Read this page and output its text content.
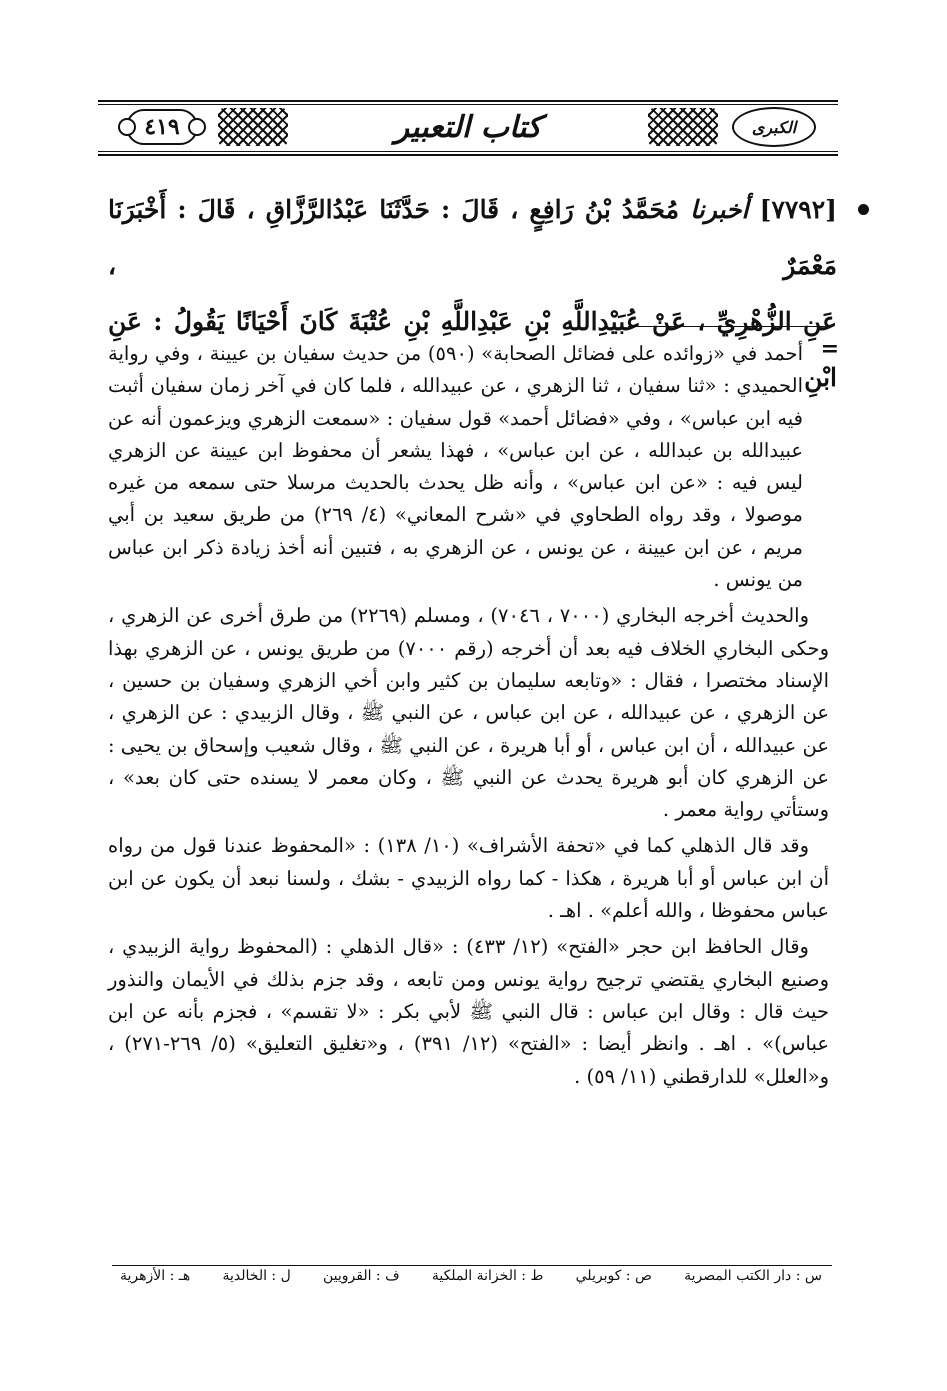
٤١٩	كتاب التعبير	الكبرى

[٧٧٩٢] أخبرنا مُحَمَّدُ بْنُ رَافِعٍ ، قَالَ : حَدَّثَنَا عَبْدُالرَّزَّاقِ ، قَالَ : أَخْبَرَنَا مَعْمَرٌ ،

عَنِ الزُّهْرِيِّ ، عَنْ عُبَيْدِاللَّهِ بْنِ عَبْدِاللَّهِ بْنِ عُتْبَةَ كَانَ أَحْيَانًا يَقُولُ : عَنِ ابْنِ

=

أحمد في «زوائده على فضائل الصحابة» (٥٩٠) من حديث سفيان بن عيينة ، وفي رواية الحميدي : «ثنا سفيان ، ثنا الزهري ، عن عبيدالله ، فلما كان في آخر زمان سفيان أثبت فيه ابن عباس» ، وفي «فضائل أحمد» قول سفيان : «سمعت الزهري ويزعمون أنه عن عبيدالله بن عبدالله ، عن ابن عباس» ، فهذا يشعر أن محفوظ ابن عيينة عن الزهري ليس فيه : «عن ابن عباس» ، وأنه ظل يحدث بالحديث مرسلا حتى سمعه من غيره موصولا ، وقد رواه الطحاوي في «شرح المعاني» (٤/ ٢٦٩) من طريق سعيد بن أبي مريم ، عن ابن عيينة ، عن يونس ، عن الزهري به ، فتبين أنه أخذ زيادة ذكر ابن عباس من يونس .

والحديث أخرجه البخاري (٧٠٠٠ ، ٧٠٤٦) ، ومسلم (٢٢٦٩) من طرق أخرى عن الزهري ، وحكى البخاري الخلاف فيه بعد أن أخرجه (رقم ٧٠٠٠) من طريق يونس ، عن الزهري بهذا الإسناد مختصرا ، فقال : «وتابعه سليمان بن كثير وابن أخي الزهري وسفيان بن حسين ، عن الزهري ، عن عبيدالله ، عن ابن عباس ، عن النبي ﷺ ، وقال الزبيدي : عن الزهري ، عن عبيدالله ، أن ابن عباس ، أو أبا هريرة ، عن النبي ﷺ ، وقال شعيب وإسحاق بن يحيى : عن الزهري كان أبو هريرة يحدث عن النبي ﷺ ، وكان معمر لا يسنده حتى كان بعد» ، وستأتي رواية معمر .

وقد قال الذهلي كما في «تحفة الأشراف» (١٠/ ١٣٨) : «المحفوظ عندنا قول من رواه أن ابن عباس أو أبا هريرة ، هكذا - كما رواه الزبيدي - بشك ، ولسنا نبعد أن يكون عن ابن عباس محفوظا ، والله أعلم» . اهـ .

وقال الحافظ ابن حجر «الفتح» (١٢/ ٤٣٣) : «قال الذهلي : (المحفوظ رواية الزبيدي ، وصنيع البخاري يقتضي ترجيح رواية يونس ومن تابعه ، وقد جزم بذلك في الأيمان والنذور حيث قال : وقال ابن عباس : قال النبي ﷺ لأبي بكر : «لا تقسم» ، فجزم بأنه عن ابن عباس)» . اهـ . وانظر أيضا : «الفتح» (١٢/ ٣٩١) ، و«تغليق التعليق» (٥/ ٢٦٩-٢٧١) ، و«العلل» للدارقطني (١١/ ٥٩) .

س : دار الكتب المصرية
ص : كوبريلي
ط : الخزانة الملكية
ف : القرويين
ل : الخالدية
هـ : الأزهرية
